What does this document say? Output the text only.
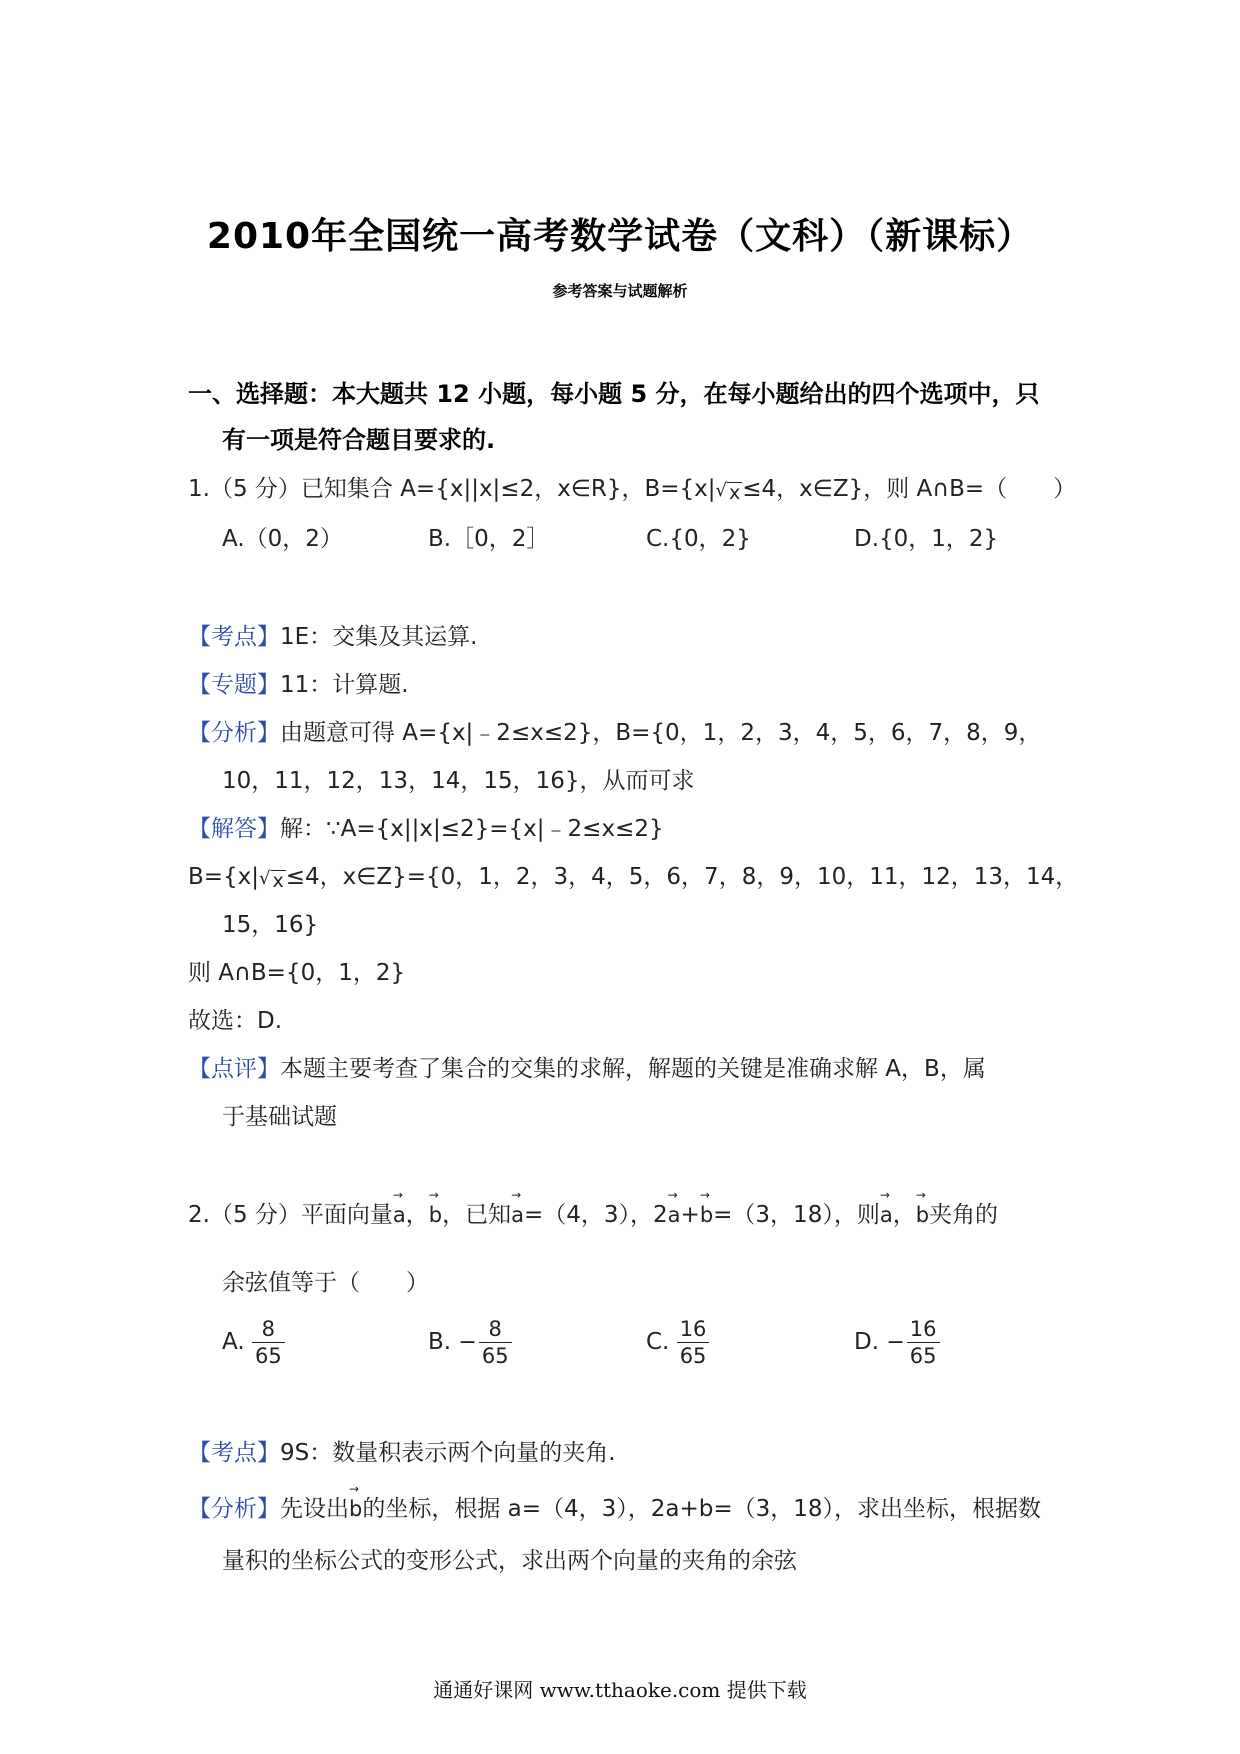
2010年全国统一高考数学试卷（文科）（新课标）
参考答案与试题解析
一、选择题：本大题共 12 小题，每小题 5 分，在每小题给出的四个选项中，只
有一项是符合题目要求的.
1.（5 分）已知集合 A={x||x|≤2，x∈R}，B={x|√ x≤4，x∈Z}，则 A∩B=（　　）
A.（0，2）	B.［0，2］	C.{0，2}	D.{0，1，2}
【考点】1E：交集及其运算.
【专题】11：计算题.
【分析】由题意可得 A={x|﹣2≤x≤2}，B={0，1，2，3，4，5，6，7，8，9，
10，11，12，13，14，15，16}，从而可求
【解答】解：∵A={x||x|≤2}={x|﹣2≤x≤2}
B={x|√ x≤4，x∈Z}={0，1，2，3，4，5，6，7，8，9，10，11，12，13，14，
15，16}
则 A∩B={0，1，2}
故选：D.
【点评】本题主要考查了集合的交集的求解，解题的关键是准确求解 A，B，属
于基础试题
2.（5 分）平面向量→ a，→ b，已知→ a=（4，3），2→ a+→ b=（3，18），则→ a，→ b夹角的
余弦值等于（　　）
A. $\frac{8}{65}$	B. − $\frac{8}{65}$	C. $\frac{16}{65}$	D. − $\frac{16}{65}$
【考点】9S：数量积表示两个向量的夹角.
【分析】先设出→ b的坐标，根据 a=（4，3），2a+b=（3，18），求出坐标，根据数
量积的坐标公式的变形公式，求出两个向量的夹角的余弦
通通好课网 www.tthaoke.com 提供下载
